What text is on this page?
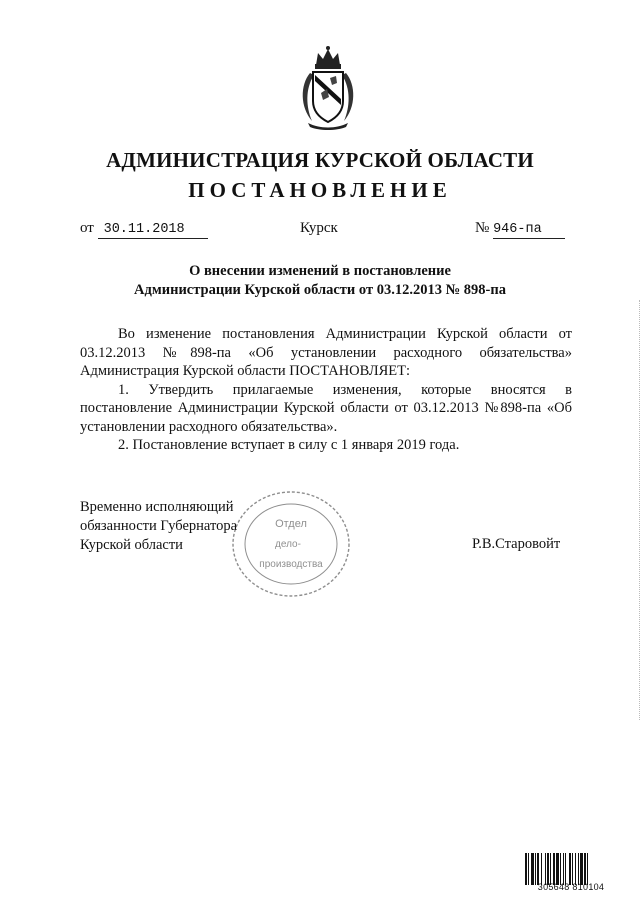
АДМИНИСТРАЦИЯ КУРСКОЙ ОБЛАСТИ
ПОСТАНОВЛЕНИЕ
от 30.11.2018	Курск	№ 946-па
О внесении изменений в постановление
Администрации Курской области от 03.12.2013 № 898-па

Во изменение постановления Администрации Курской области от 03.12.2013 №898-па «Об установлении расходного обязательства» Администрация Курской области ПОСТАНОВЛЯЕТ:

1. Утвердить прилагаемые изменения, которые вносятся в постановление Администрации Курской области от 03.12.2013 №898-па «Об установлении расходного обязательства».

2. Постановление вступает в силу с 1 января 2019 года.

Временно исполняющий
обязанности Губернатора
Курской области	Р.В.Старовойт
Отдел
дело-
производства
305648 810104
